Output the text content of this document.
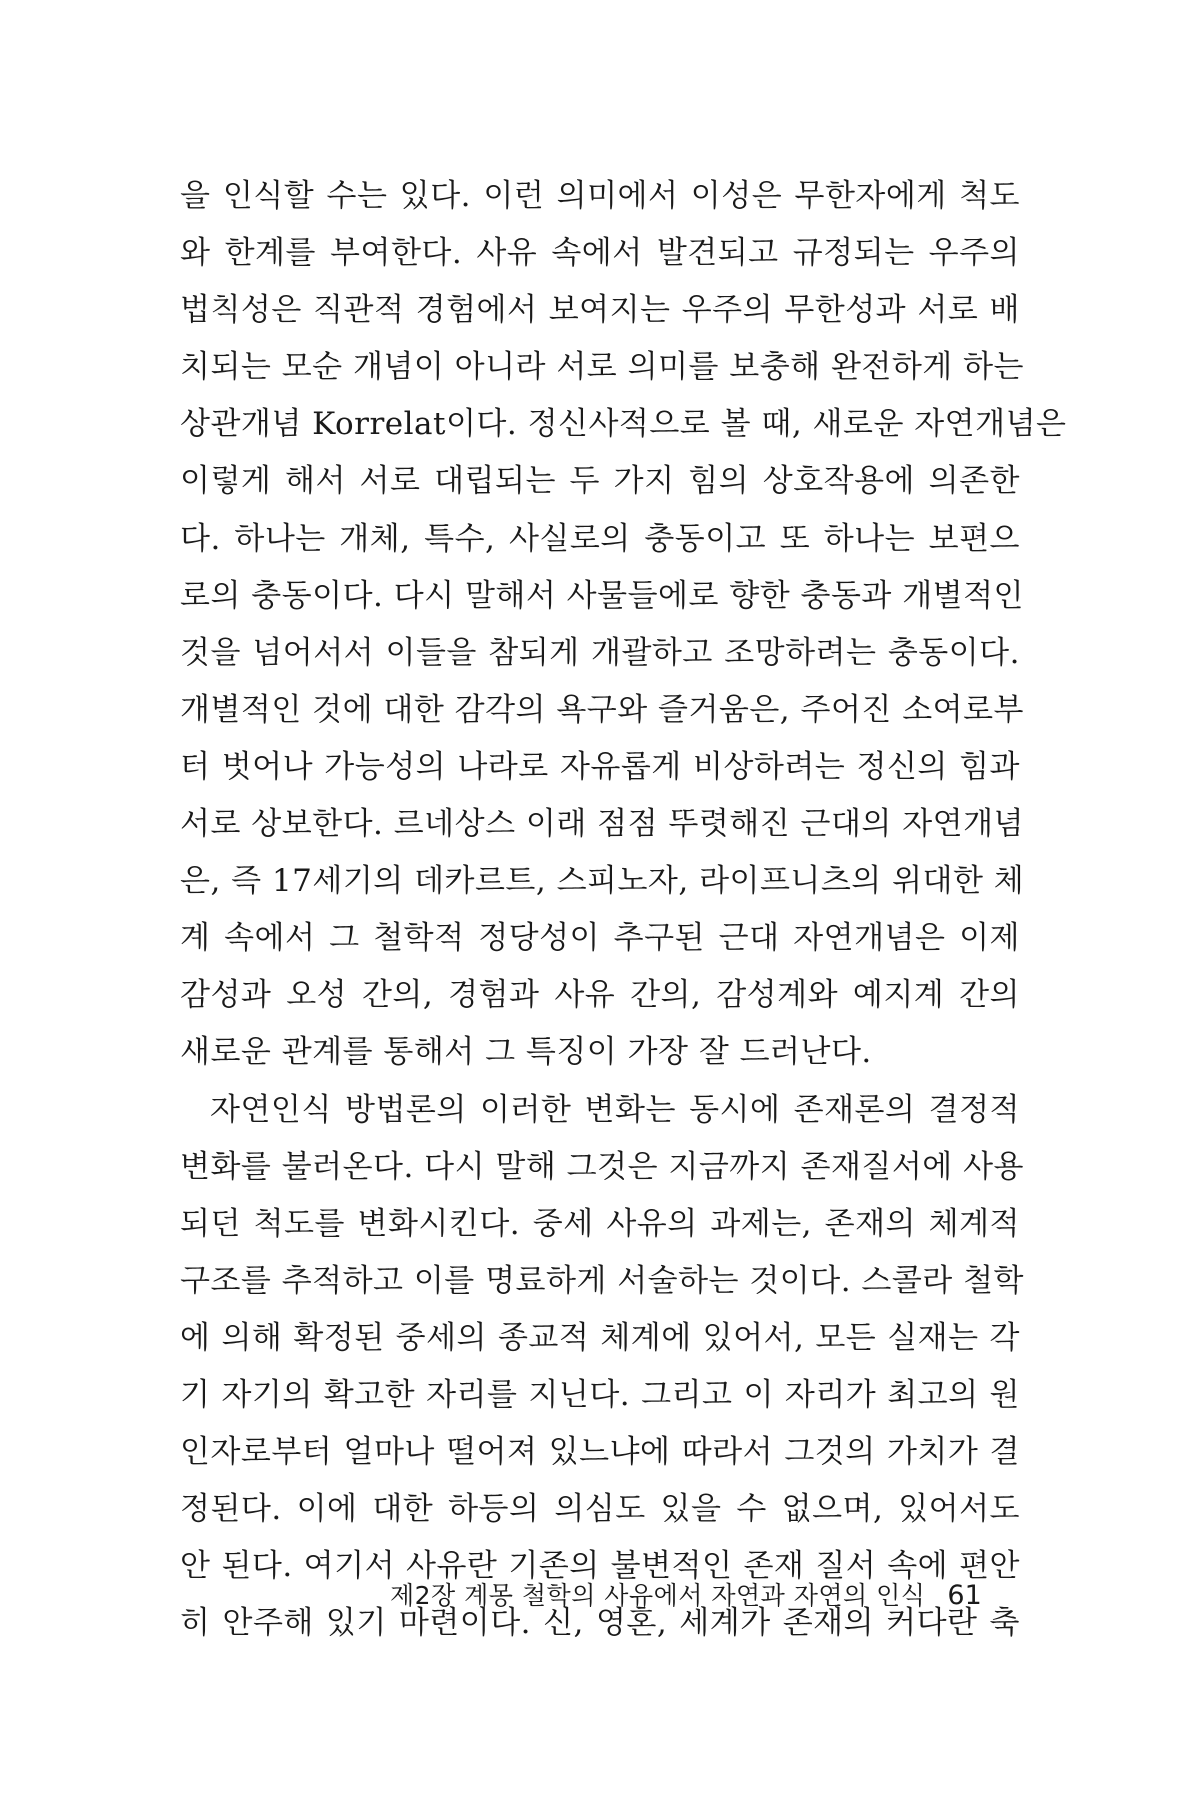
을 인식할 수는 있다. 이런 의미에서 이성은 무한자에게 척도
와 한계를 부여한다. 사유 속에서 발견되고 규정되는 우주의
법칙성은 직관적 경험에서 보여지는 우주의 무한성과 서로 배
치되는 모순 개념이 아니라 서로 의미를 보충해 완전하게 하는
상관개념 Korrelat이다. 정신사적으로 볼 때, 새로운 자연개념은
이렇게 해서 서로 대립되는 두 가지 힘의 상호작용에 의존한
다. 하나는 개체, 특수, 사실로의 충동이고 또 하나는 보편으
로의 충동이다. 다시 말해서 사물들에로 향한 충동과 개별적인
것을 넘어서서 이들을 참되게 개괄하고 조망하려는 충동이다.
개별적인 것에 대한 감각의 욕구와 즐거움은, 주어진 소여로부
터 벗어나 가능성의 나라로 자유롭게 비상하려는 정신의 힘과
서로 상보한다. 르네상스 이래 점점 뚜렷해진 근대의 자연개념
은, 즉 17세기의 데카르트, 스피노자, 라이프니츠의 위대한 체
계 속에서 그 철학적 정당성이 추구된 근대 자연개념은 이제
감성과 오성 간의, 경험과 사유 간의, 감성계와 예지계 간의
새로운 관계를 통해서 그 특징이 가장 잘 드러난다.
자연인식 방법론의 이러한 변화는 동시에 존재론의 결정적
변화를 불러온다. 다시 말해 그것은 지금까지 존재질서에 사용
되던 척도를 변화시킨다. 중세 사유의 과제는, 존재의 체계적
구조를 추적하고 이를 명료하게 서술하는 것이다. 스콜라 철학
에 의해 확정된 중세의 종교적 체계에 있어서, 모든 실재는 각
기 자기의 확고한 자리를 지닌다. 그리고 이 자리가 최고의 원
인자로부터 얼마나 떨어져 있느냐에 따라서 그것의 가치가 결
정된다. 이에 대한 하등의 의심도 있을 수 없으며, 있어서도
안 된다. 여기서 사유란 기존의 불변적인 존재 질서 속에 편안
히 안주해 있기 마련이다. 신, 영혼, 세계가 존재의 커다란 축
제2장 계몽 철학의 사유에서 자연과 자연의 인식 61
